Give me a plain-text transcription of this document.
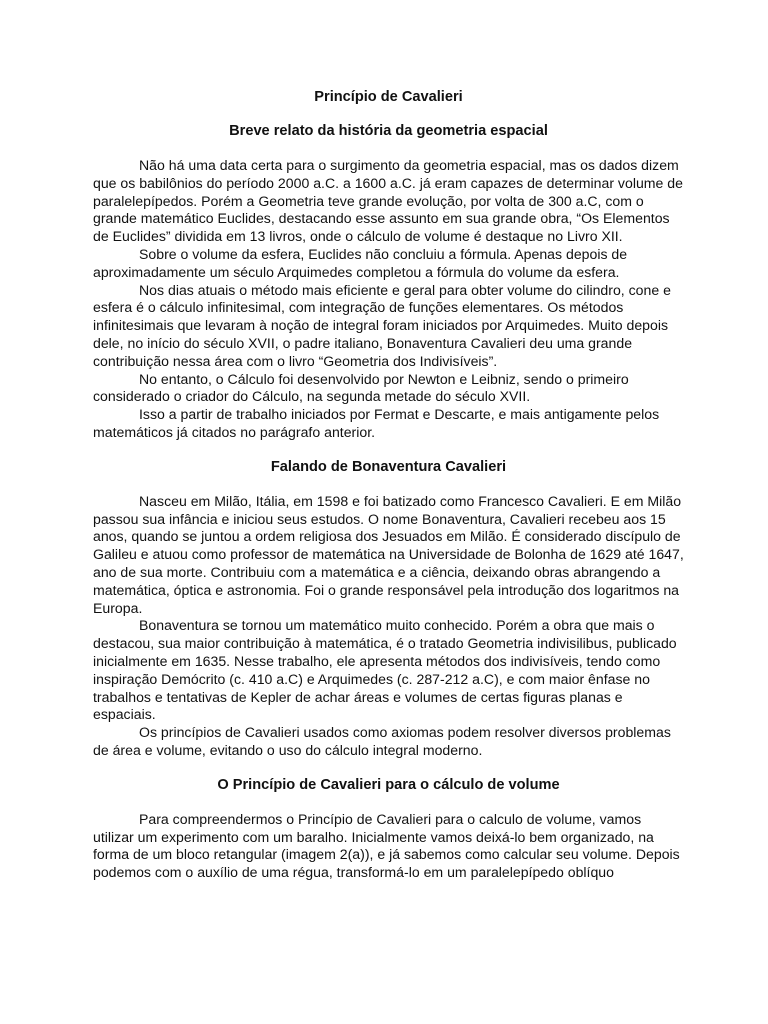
Princípio de Cavalieri
Breve relato da história da geometria espacial

Não há uma data certa para o surgimento da geometria espacial, mas os dados dizem que os babilônios do período 2000 a.C. a 1600 a.C. já eram capazes de determinar volume de paralelepípedos. Porém a Geometria teve grande evolução, por volta de 300 a.C, com o grande matemático Euclides, destacando esse assunto em sua grande obra, “Os Elementos de Euclides” dividida em 13 livros, onde o cálculo de volume é destaque no Livro XII.

Sobre o volume da esfera, Euclides não concluiu a fórmula. Apenas depois de aproximadamente um século Arquimedes completou a fórmula do volume da esfera.

Nos dias atuais o método mais eficiente e geral para obter volume do cilindro, cone e esfera é o cálculo infinitesimal, com integração de funções elementares. Os métodos infinitesimais que levaram à noção de integral foram iniciados por Arquimedes. Muito depois dele, no início do século XVII, o padre italiano, Bonaventura Cavalieri deu uma grande contribuição nessa área com o livro “Geometria dos Indivisíveis”.

No entanto, o Cálculo foi desenvolvido por Newton e Leibniz, sendo o primeiro considerado o criador do Cálculo, na segunda metade do século XVII.

Isso a partir de trabalho iniciados por Fermat e Descarte, e mais antigamente pelos matemáticos já citados no parágrafo anterior.

Falando de Bonaventura Cavalieri

Nasceu em Milão, Itália, em 1598 e foi batizado como Francesco Cavalieri. E em Milão passou sua infância e iniciou seus estudos. O nome Bonaventura, Cavalieri recebeu aos 15 anos, quando se juntou a ordem religiosa dos Jesuados em Milão. É considerado discípulo de Galileu e atuou como professor de matemática na Universidade de Bolonha de 1629 até 1647, ano de sua morte. Contribuiu com a matemática e a ciência, deixando obras abrangendo a matemática, óptica e astronomia. Foi o grande responsável pela introdução dos logaritmos na Europa.

Bonaventura se tornou um matemático muito conhecido. Porém a obra que mais o destacou, sua maior contribuição à matemática, é o tratado Geometria indivisilibus, publicado inicialmente em 1635. Nesse trabalho, ele apresenta métodos dos indivisíveis, tendo como inspiração Demócrito (c. 410 a.C) e Arquimedes (c. 287-212 a.C), e com maior ênfase no trabalhos e tentativas de Kepler de achar áreas e volumes de certas figuras planas e espaciais.

Os princípios de Cavalieri usados como axiomas podem resolver diversos problemas de área e volume, evitando o uso do cálculo integral moderno.

O Princípio de Cavalieri para o cálculo de volume

Para compreendermos o Princípio de Cavalieri para o calculo de volume, vamos utilizar um experimento com um baralho. Inicialmente vamos deixá-lo bem organizado, na forma de um bloco retangular (imagem 2(a)), e já sabemos como calcular seu volume. Depois podemos com o auxílio de uma régua, transformá-lo em um paralelepípedo oblíquo
